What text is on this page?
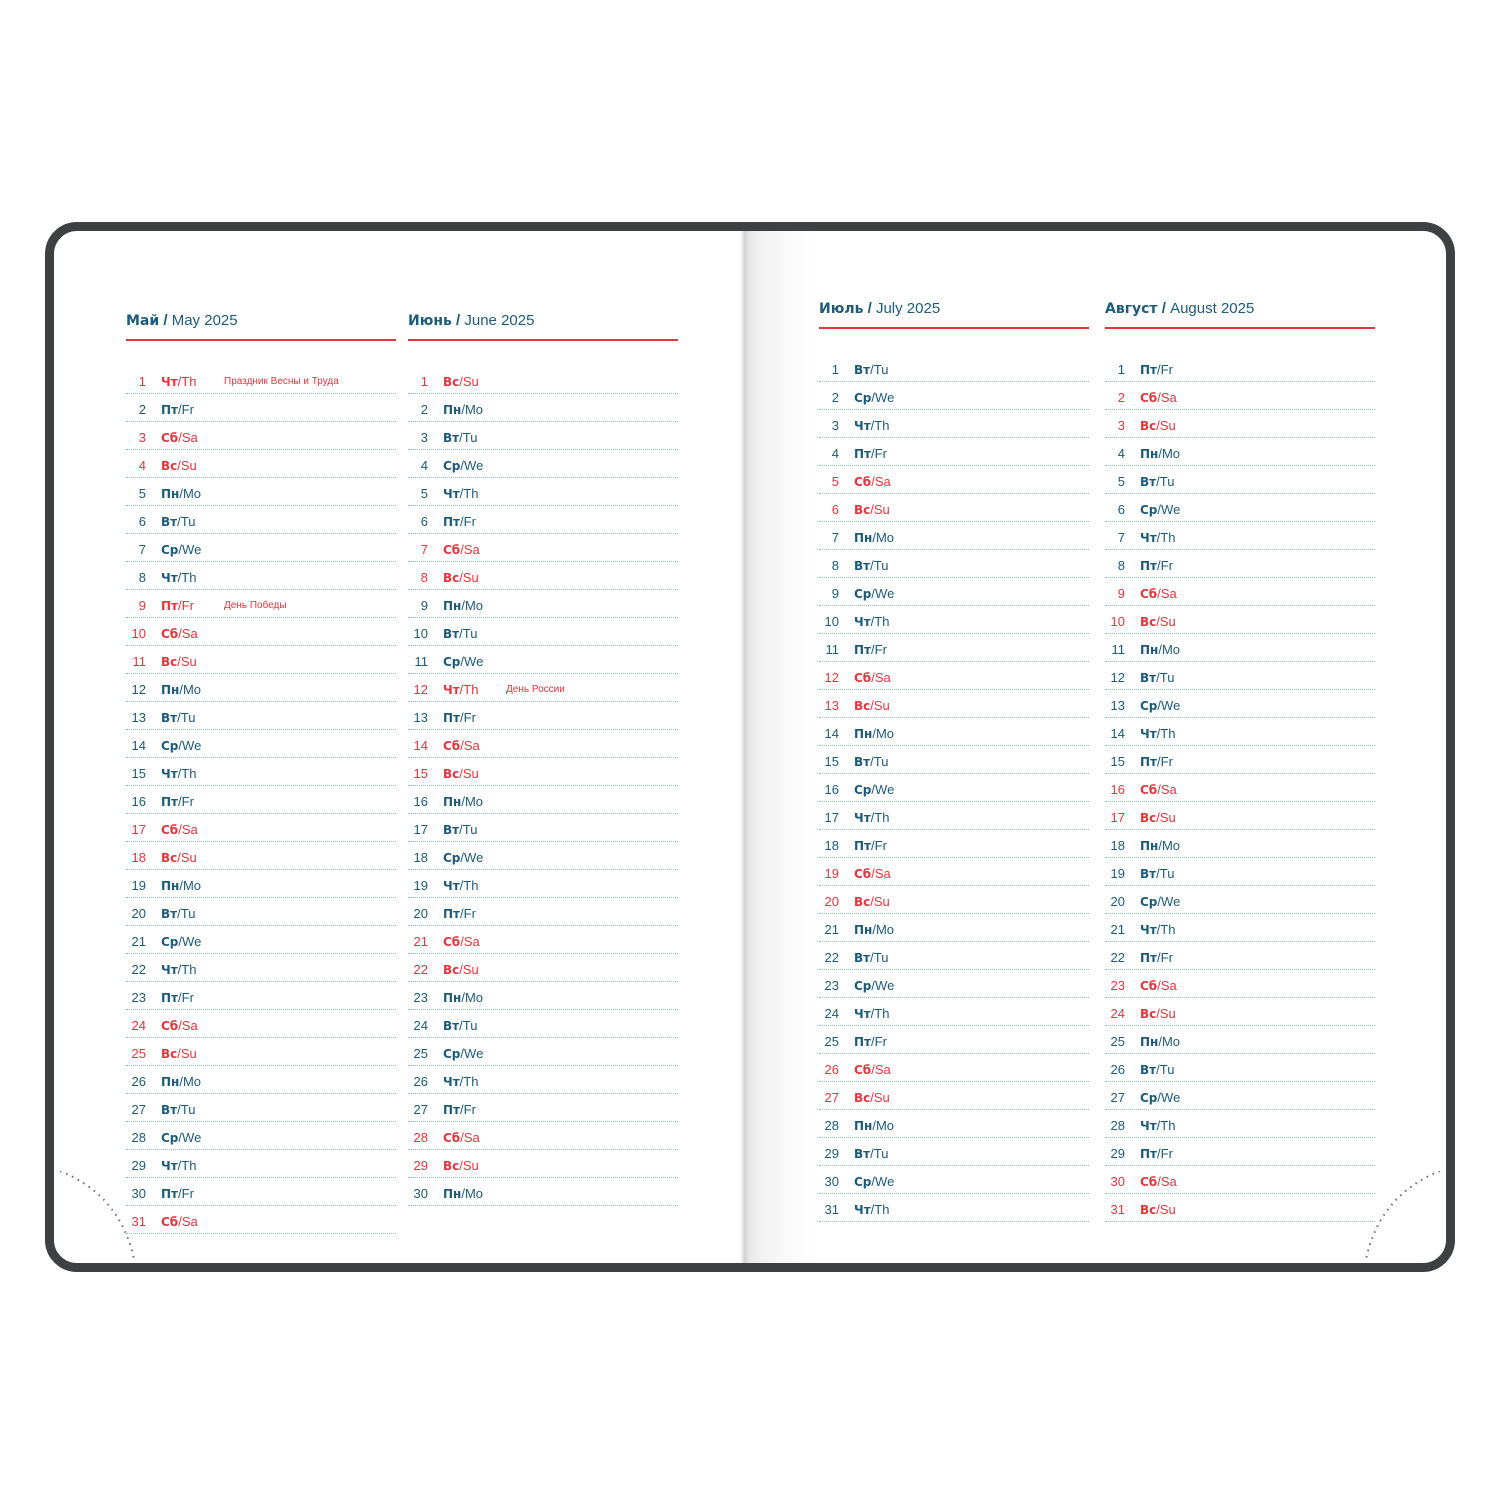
Май / May 2025
1 Чт/Th	Праздник Весны и Труда
2 Пт/Fr
3 Сб/Sa
4 Вс/Su
5 Пн/Mo
6 Вт/Tu
7 Ср/We
8 Чт/Th
9 Пт/Fr	День Победы
10 Сб/Sa
11 Вс/Su
12 Пн/Mo
13 Вт/Tu
14 Ср/We
15 Чт/Th
16 Пт/Fr
17 Сб/Sa
18 Вс/Su
19 Пн/Mo
20 Вт/Tu
21 Ср/We
22 Чт/Th
23 Пт/Fr
24 Сб/Sa
25 Вс/Su
26 Пн/Mo
27 Вт/Tu
28 Ср/We
29 Чт/Th
30 Пт/Fr
31 Сб/Sa
Июнь / June 2025
1 Вс/Su
2 Пн/Mo
3 Вт/Tu
4 Ср/We
5 Чт/Th
6 Пт/Fr
7 Сб/Sa
8 Вс/Su
9 Пн/Mo
10 Вт/Tu
11 Ср/We
12 Чт/Th	День России
13 Пт/Fr
14 Сб/Sa
15 Вс/Su
16 Пн/Mo
17 Вт/Tu
18 Ср/We
19 Чт/Th
20 Пт/Fr
21 Сб/Sa
22 Вс/Su
23 Пн/Mo
24 Вт/Tu
25 Ср/We
26 Чт/Th
27 Пт/Fr
28 Сб/Sa
29 Вс/Su
30 Пн/Mo
Июль / July 2025
1 Вт/Tu
2 Ср/We
3 Чт/Th
4 Пт/Fr
5 Сб/Sa
6 Вс/Su
7 Пн/Mo
8 Вт/Tu
9 Ср/We
10 Чт/Th
11 Пт/Fr
12 Сб/Sa
13 Вс/Su
14 Пн/Mo
15 Вт/Tu
16 Ср/We
17 Чт/Th
18 Пт/Fr
19 Сб/Sa
20 Вс/Su
21 Пн/Mo
22 Вт/Tu
23 Ср/We
24 Чт/Th
25 Пт/Fr
26 Сб/Sa
27 Вс/Su
28 Пн/Mo
29 Вт/Tu
30 Ср/We
31 Чт/Th
Август / August 2025
1 Пт/Fr
2 Сб/Sa
3 Вс/Su
4 Пн/Mo
5 Вт/Tu
6 Ср/We
7 Чт/Th
8 Пт/Fr
9 Сб/Sa
10 Вс/Su
11 Пн/Mo
12 Вт/Tu
13 Ср/We
14 Чт/Th
15 Пт/Fr
16 Сб/Sa
17 Вс/Su
18 Пн/Mo
19 Вт/Tu
20 Ср/We
21 Чт/Th
22 Пт/Fr
23 Сб/Sa
24 Вс/Su
25 Пн/Mo
26 Вт/Tu
27 Ср/We
28 Чт/Th
29 Пт/Fr
30 Сб/Sa
31 Вс/Su
